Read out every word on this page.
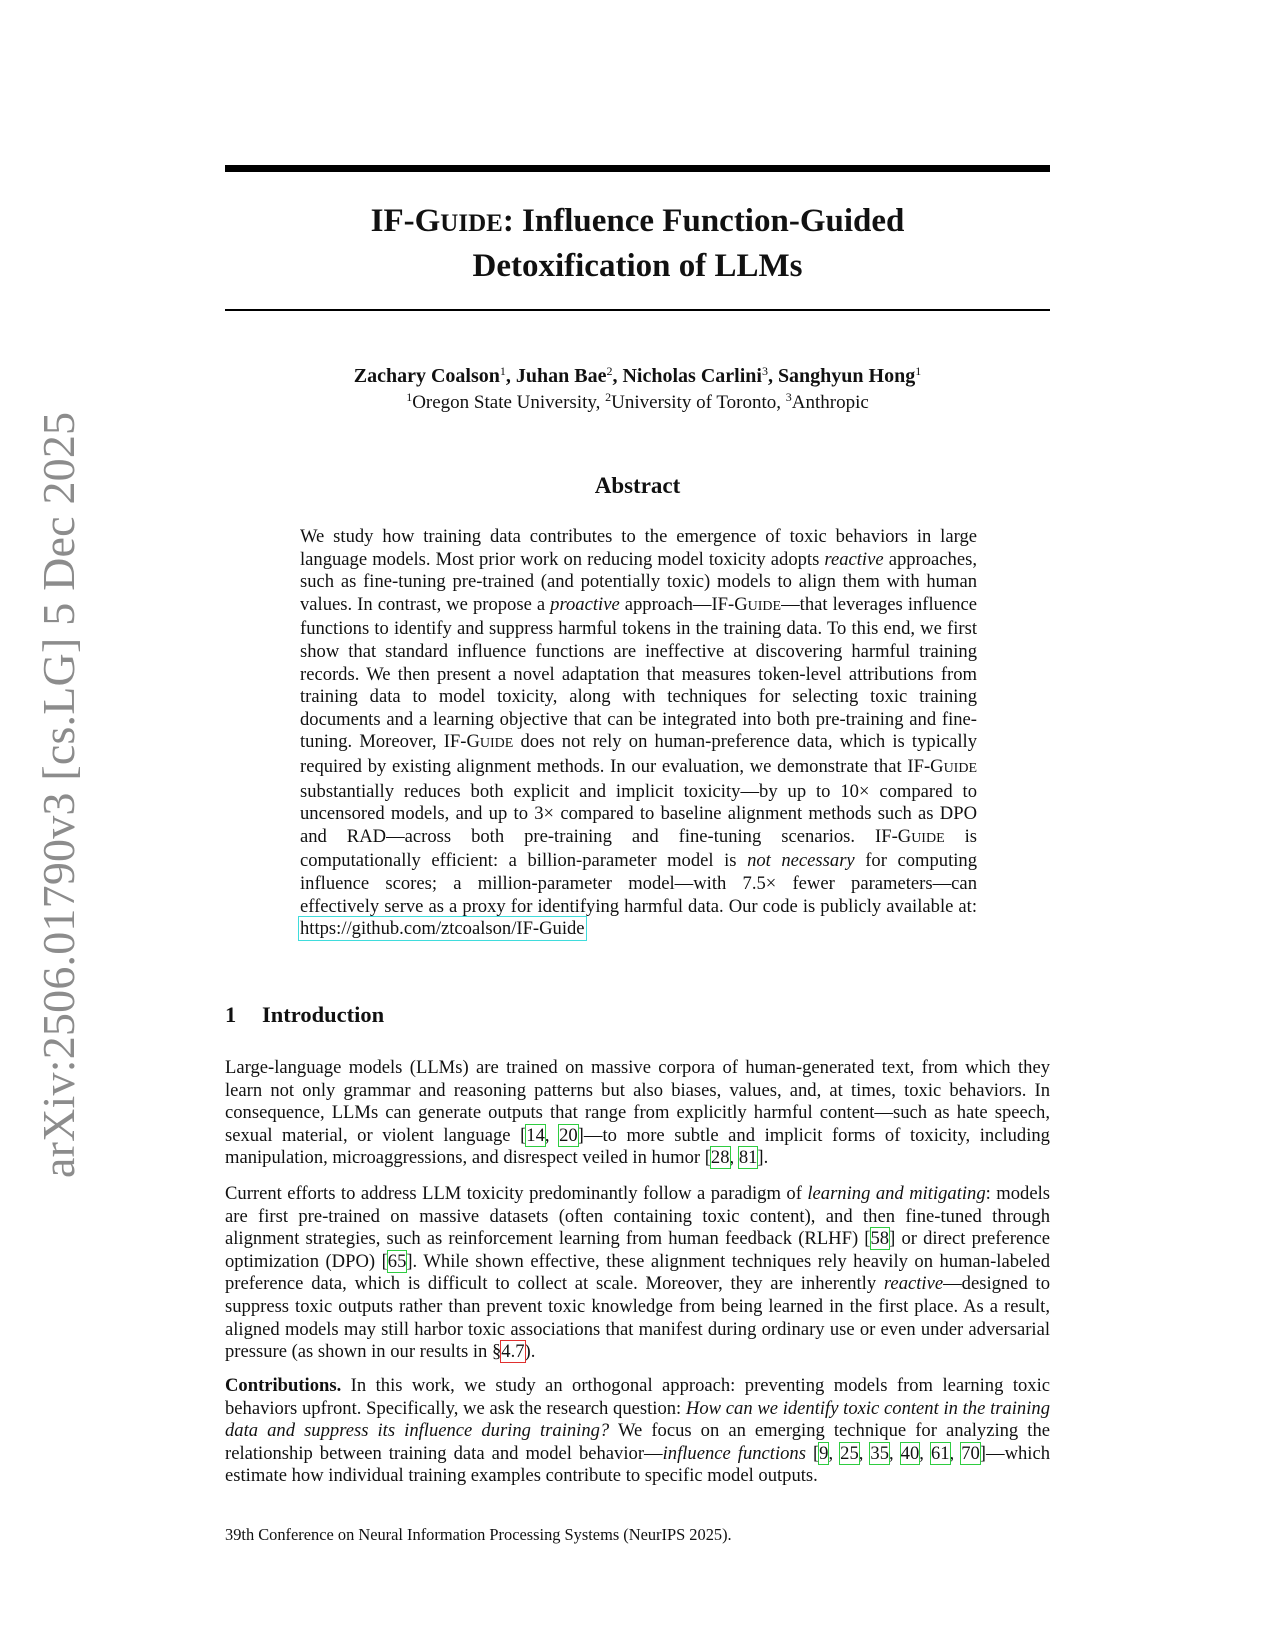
arXiv:2506.01790v3 [cs.LG] 5 Dec 2025
IF-GUIDE: Influence Function-Guided
Detoxification of LLMs
Zachary Coalson$^1$, Juhan Bae$^2$, Nicholas Carlini$^3$, Sanghyun Hong$^1$
$^1$Oregon State University, $^2$University of Toronto, $^3$Anthropic
Abstract
We study how training data contributes to the emergence of toxic behaviors in large language models. Most prior work on reducing model toxicity adopts reactive approaches, such as fine-tuning pre-trained (and potentially toxic) models to align them with human values. In contrast, we propose a proactive approach—IF-GUIDE—that leverages influence functions to identify and suppress harmful tokens in the training data. To this end, we first show that standard influence functions are ineffective at discovering harmful training records. We then present a novel adaptation that measures token-level attributions from training data to model toxicity, along with techniques for selecting toxic training documents and a learning objective that can be integrated into both pre-training and fine-tuning. Moreover, IF-GUIDE does not rely on human-preference data, which is typically required by existing alignment methods. In our evaluation, we demonstrate that IF-GUIDE substantially reduces both explicit and implicit toxicity—by up to 10× compared to uncensored models, and up to 3× compared to baseline alignment methods such as DPO and RAD—across both pre-training and fine-tuning scenarios. IF-GUIDE is computationally efficient: a billion-parameter model is not necessary for computing influence scores; a million-parameter model—with 7.5× fewer parameters—can effectively serve as a proxy for identifying harmful data. Our code is publicly available at: https://github.com/ztcoalson/IF-Guide
1 Introduction
Large-language models (LLMs) are trained on massive corpora of human-generated text, from which they learn not only grammar and reasoning patterns but also biases, values, and, at times, toxic behaviors. In consequence, LLMs can generate outputs that range from explicitly harmful content—such as hate speech, sexual material, or violent language [14, 20]—to more subtle and implicit forms of toxicity, including manipulation, microaggressions, and disrespect veiled in humor [28, 81].
Current efforts to address LLM toxicity predominantly follow a paradigm of learning and mitigating: models are first pre-trained on massive datasets (often containing toxic content), and then fine-tuned through alignment strategies, such as reinforcement learning from human feedback (RLHF) [58] or direct preference optimization (DPO) [65]. While shown effective, these alignment techniques rely heavily on human-labeled preference data, which is difficult to collect at scale. Moreover, they are inherently reactive—designed to suppress toxic outputs rather than prevent toxic knowledge from being learned in the first place. As a result, aligned models may still harbor toxic associations that manifest during ordinary use or even under adversarial pressure (as shown in our results in §4.7).
Contributions. In this work, we study an orthogonal approach: preventing models from learning toxic behaviors upfront. Specifically, we ask the research question: How can we identify toxic content in the training data and suppress its influence during training? We focus on an emerging technique for analyzing the relationship between training data and model behavior—influence functions [9, 25, 35, 40, 61, 70]—which estimate how individual training examples contribute to specific model outputs.
39th Conference on Neural Information Processing Systems (NeurIPS 2025).
